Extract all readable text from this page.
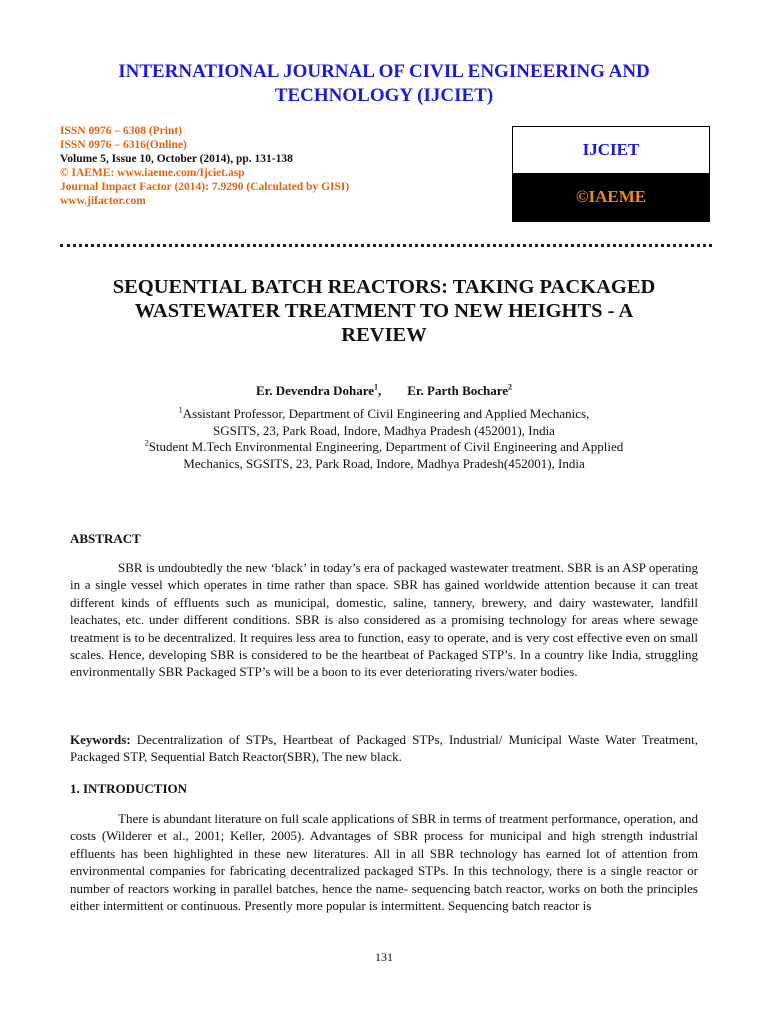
INTERNATIONAL JOURNAL OF CIVIL ENGINEERING AND
TECHNOLOGY (IJCIET)
ISSN 0976 – 6308 (Print)
ISSN 0976 – 6316(Online)
Volume 5, Issue 10, October (2014), pp. 131-138
© IAEME: www.iaeme.com/Ijciet.asp
Journal Impact Factor (2014): 7.9290 (Calculated by GISI)
www.jifactor.com
IJCIET
©IAEME
SEQUENTIAL BATCH REACTORS: TAKING PACKAGED
WASTEWATER TREATMENT TO NEW HEIGHTS - A
REVIEW
Er. Devendra Dohare$^1$, Er. Parth Bochare$^2$
$^1$Assistant Professor, Department of Civil Engineering and Applied Mechanics,
SGSITS, 23, Park Road, Indore, Madhya Pradesh (452001), India
$^2$Student M.Tech Environmental Engineering, Department of Civil Engineering and Applied
Mechanics, SGSITS, 23, Park Road, Indore, Madhya Pradesh(452001), India
ABSTRACT
SBR is undoubtedly the new ‘black’ in today’s era of packaged wastewater treatment. SBR is an ASP operating in a single vessel which operates in time rather than space. SBR has gained worldwide attention because it can treat different kinds of effluents such as municipal, domestic, saline, tannery, brewery, and dairy wastewater, landfill leachates, etc. under different conditions. SBR is also considered as a promising technology for areas where sewage treatment is to be decentralized. It requires less area to function, easy to operate, and is very cost effective even on small scales. Hence, developing SBR is considered to be the heartbeat of Packaged STP’s. In a country like India, struggling environmentally SBR Packaged STP’s will be a boon to its ever deteriorating rivers/water bodies.
Keywords: Decentralization of STPs, Heartbeat of Packaged STPs, Industrial/ Municipal Waste Water Treatment, Packaged STP, Sequential Batch Reactor(SBR), The new black.
1. INTRODUCTION
There is abundant literature on full scale applications of SBR in terms of treatment performance, operation, and costs (Wilderer et al., 2001; Keller, 2005). Advantages of SBR process for municipal and high strength industrial effluents has been highlighted in these new literatures. All in all SBR technology has earned lot of attention from environmental companies for fabricating decentralized packaged STPs. In this technology, there is a single reactor or number of reactors working in parallel batches, hence the name- sequencing batch reactor, works on both the principles either intermittent or continuous. Presently more popular is intermittent. Sequencing batch reactor is
131
